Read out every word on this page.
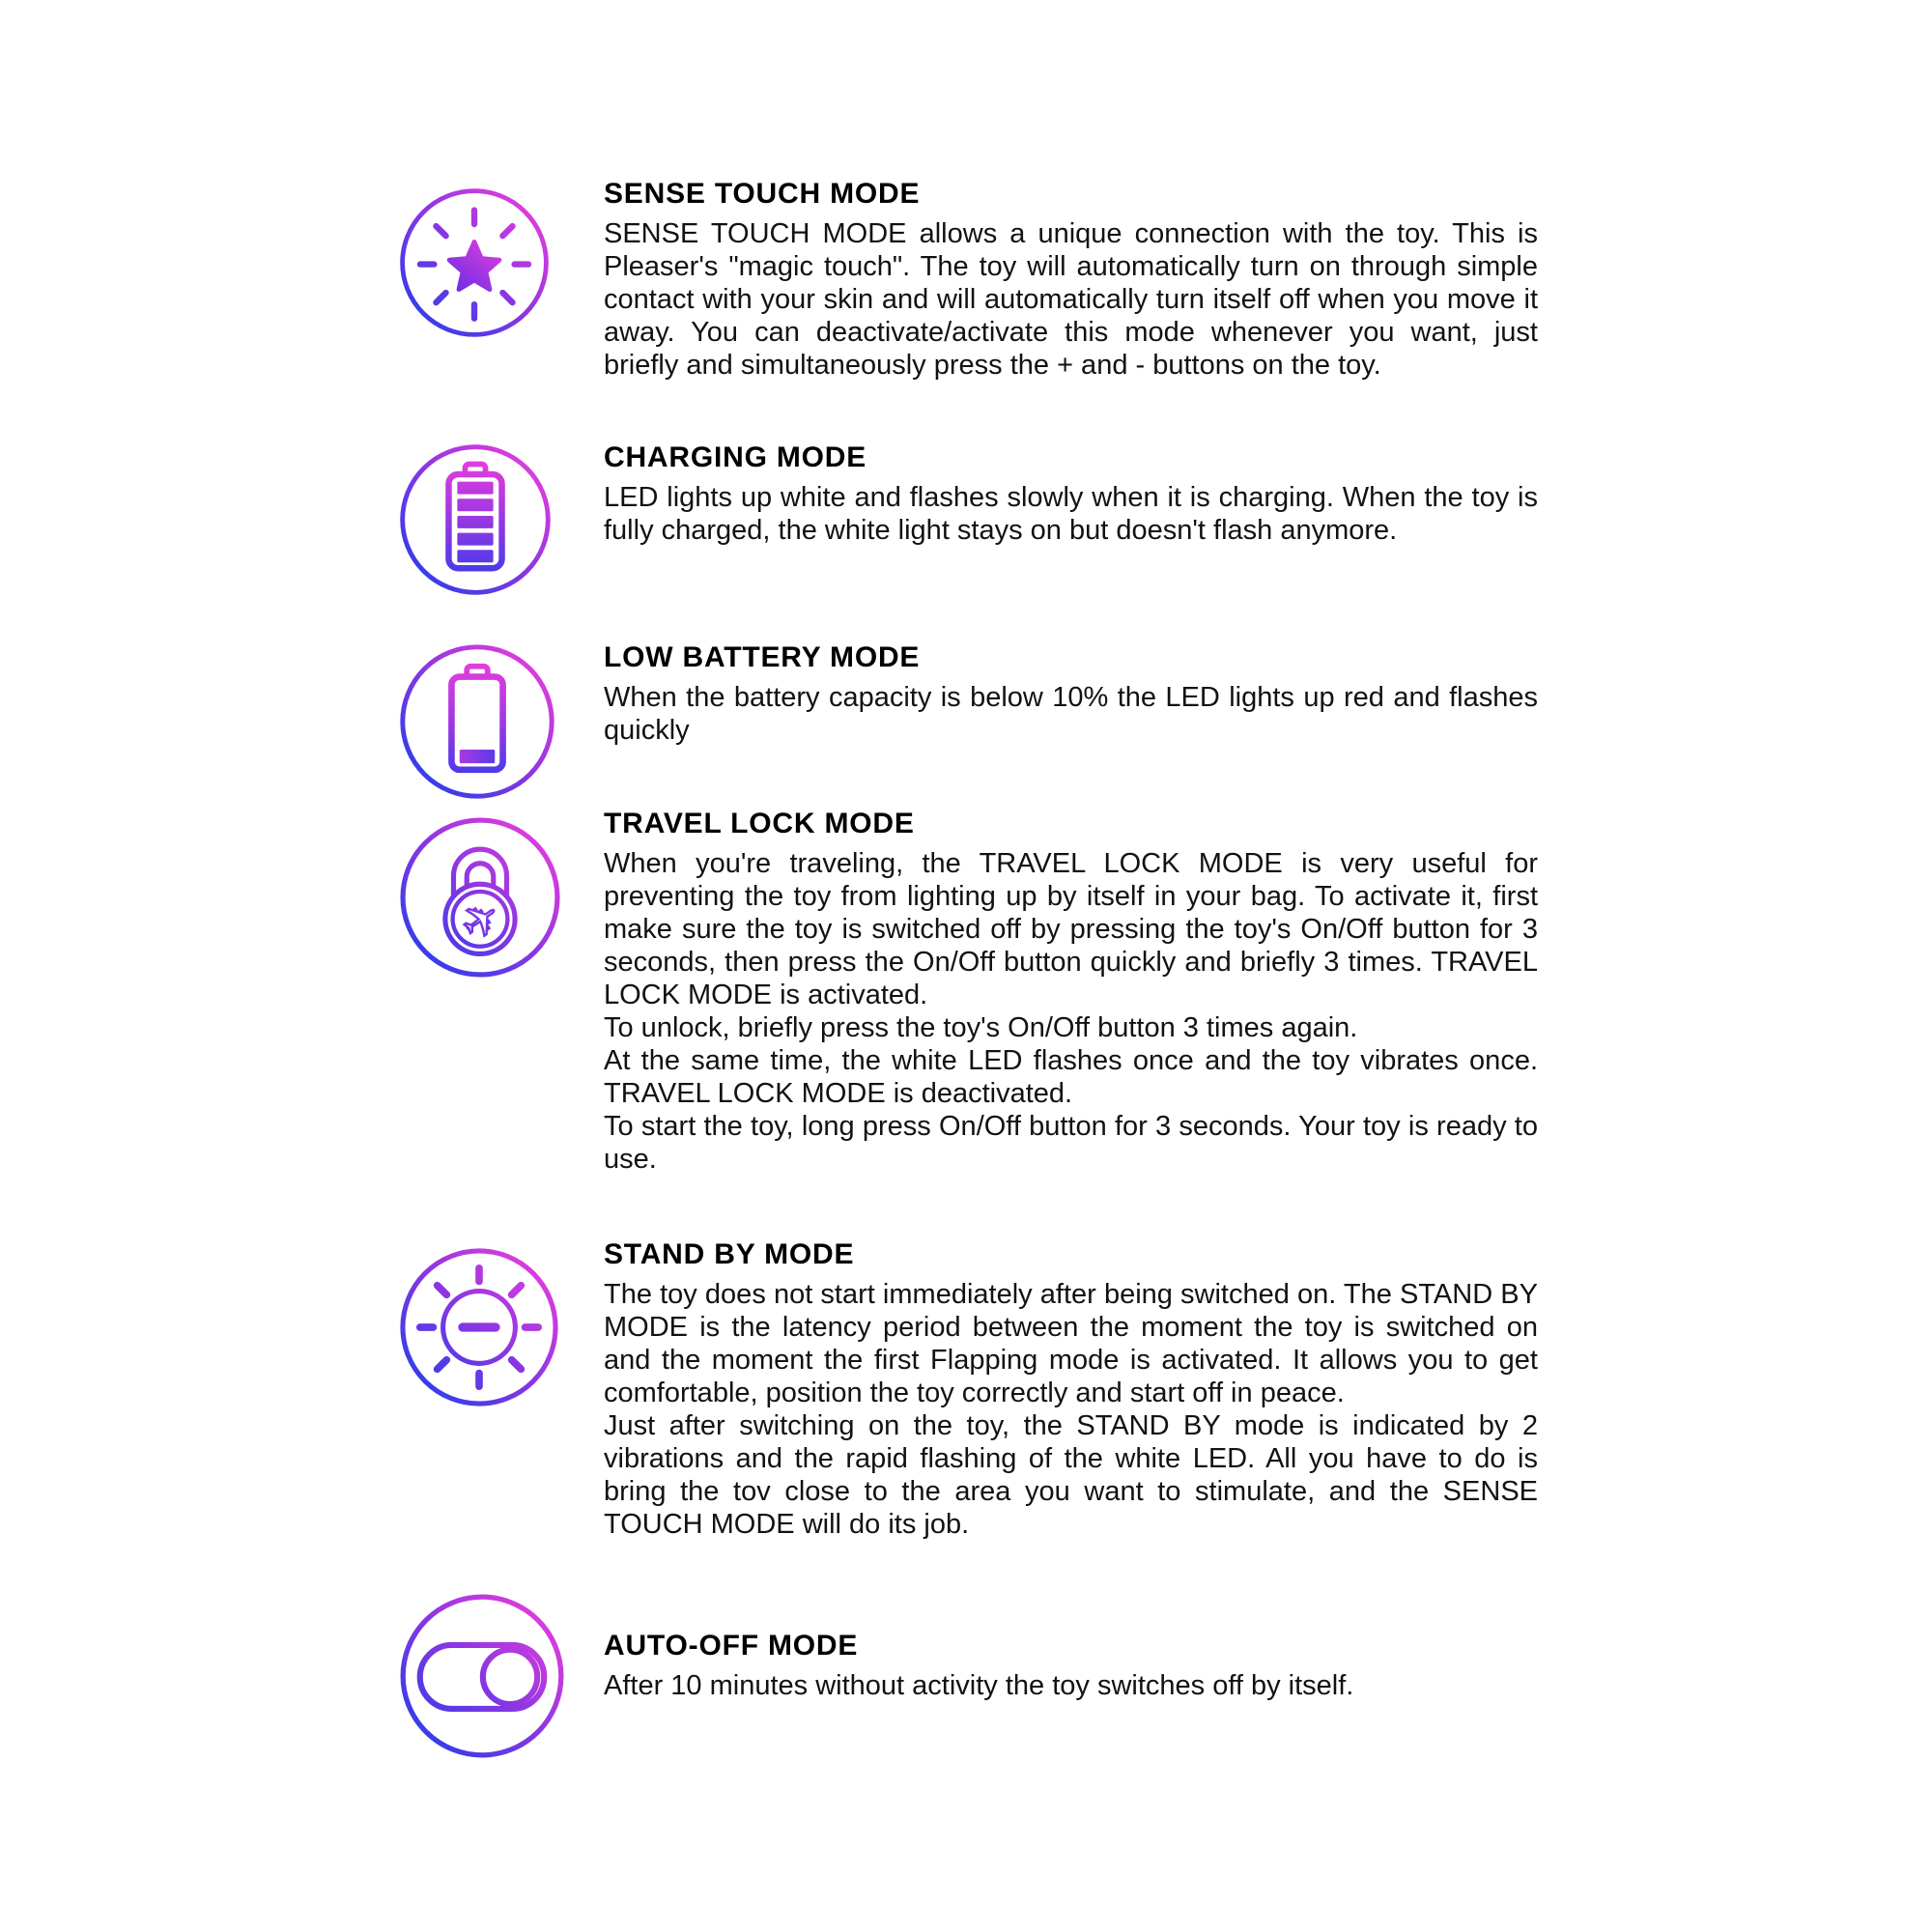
SENSE TOUCH MODE

SENSE TOUCH MODE allows a unique connection with the toy. This is Pleaser's "magic touch". The toy will automatically turn on through simple contact with your skin and will automatically turn itself off when you move it away. You can deactivate/activate this mode whenever you want, just briefly and simultaneously press the + and - buttons on the toy.

CHARGING MODE

LED lights up white and flashes slowly when it is charging. When the toy is fully charged, the white light stays on but doesn't flash anymore.

LOW BATTERY MODE

When the battery capacity is below 10% the LED lights up red and flashes quickly

✈
TRAVEL LOCK MODE

When you're traveling, the TRAVEL LOCK MODE is very useful for preventing the toy from lighting up by itself in your bag. To activate it, first make sure the toy is switched off by pressing the toy's On/Off button for 3 seconds, then press the On/Off button quickly and briefly 3 times. TRAVEL LOCK MODE is activated.

To unlock, briefly press the toy's On/Off button 3 times again.

At the same time, the white LED flashes once and the toy vibrates once. TRAVEL LOCK MODE is deactivated.

To start the toy, long press On/Off button for 3 seconds. Your toy is ready to use.

STAND BY MODE

The toy does not start immediately after being switched on. The STAND BY MODE is the latency period between the moment the toy is switched on and the moment the first Flapping mode is activated. It allows you to get comfortable, position the toy correctly and start off in peace.

Just after switching on the toy, the STAND BY mode is indicated by 2 vibrations and the rapid flashing of the white LED. All you have to do is bring the tov close to the area you want to stimulate, and the SENSE TOUCH MODE will do its job.

AUTO-OFF MODE

After 10 minutes without activity the toy switches off by itself.
